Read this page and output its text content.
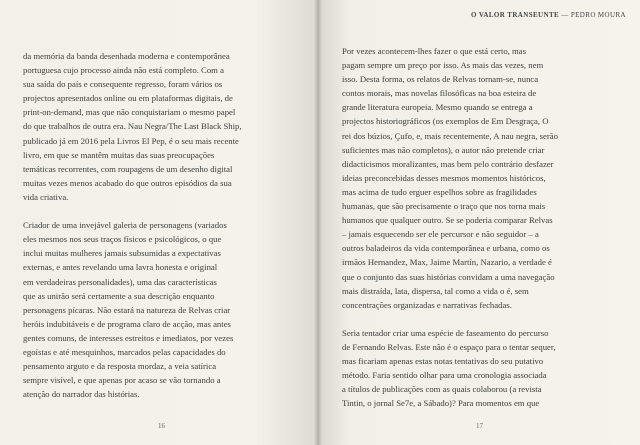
da memória da banda desenhada moderna e contemporânea
portuguesa cujo processo ainda não está completo. Com a
sua saída do país e consequente regresso, foram vários os
projectos apresentados online ou em plataformas digitais, de
print-on-demand, mas que não conquistariam o mesmo papel
do que trabalhos de outra era. Nau Negra/The Last Black Ship,
publicado já em 2016 pela Livros El Pep, é o seu mais recente
livro, em que se mantêm muitas das suas preocupações
temáticas recorrentes, com roupagens de um desenho digital
muitas vezes menos acabado do que outros episódios da sua
vida criativa.
Criador de uma invejável galeria de personagens (variados
eles mesmos nos seus traços físicos e psicológicos, o que
inclui muitas mulheres jamais subsumidas a expectativas
externas, e antes revelando uma lavra honesta e original
em verdadeiras personalidades), uma das características
que as unirão será certamente a sua descrição enquanto
personagens pícaras. Não estará na natureza de Relvas criar
heróis indubitáveis e de programa claro de acção, mas antes
gentes comuns, de interesses estreitos e imediatos, por vezes
egoístas e até mesquinhos, marcados pelas capacidades do
pensamento arguto e da resposta mordaz, a veia satírica
sempre visível, e que apenas por acaso se vão tornando a
atenção do narrador das histórias.
16
O VALOR TRANSEUNTE — PEDRO MOURA
Por vezes acontecem-lhes fazer o que está certo, mas
pagam sempre um preço por isso. As mais das vezes, nem
isso. Desta forma, os relatos de Relvas tornam-se, nunca
contos morais, mas novelas filosóficas na boa esteira de
grande literatura europeia. Mesmo quando se entrega a
projectos historiográficos (os exemplos de Em Desgraça, O
rei dos búzios, Çufo, e, mais recentemente, A nau negra, serão
suficientes mas não completos), o autor não pretende criar
didacticismos moralizantes, mas bem pelo contrário desfazer
ideias preconcebidas desses mesmos momentos históricos,
mas acima de tudo erguer espelhos sobre as fragilidades
humanas, que são precisamente o traço que nos torna mais
humanos que qualquer outro. Se se poderia comparar Relvas
– jamais esquecendo ser ele percursor e não seguidor – a
outros baladeiros da vida contemporânea e urbana, como os
irmãos Hernandez, Max, Jaime Martín, Nazario, a verdade é
que o conjunto das suas histórias convidam a uma navegação
mais distraída, lata, dispersa, tal como a vida o é, sem
concentrações organizadas e narrativas fechadas.
Seria tentador criar uma espécie de faseamento do percurso
de Fernando Relvas. Este não é o espaço para o tentar sequer,
mas ficariam apenas estas notas tentativas do seu putativo
método. Faria sentido olhar para uma cronologia associada
a títulos de publicações com as quais colaborou (a revista
Tintin, o jornal Se7e, a Sábado)? Para momentos em que
17
